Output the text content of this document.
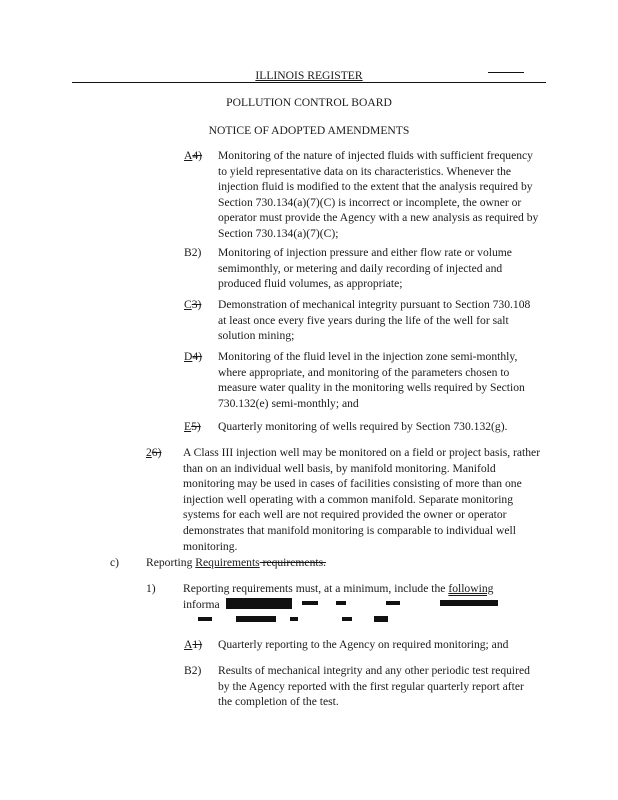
ILLINOIS REGISTER
POLLUTION CONTROL BOARD
NOTICE OF ADOPTED AMENDMENTS
A4) Monitoring of the nature of injected fluids with sufficient frequency
to yield representative data on its characteristics. Whenever the
injection fluid is modified to the extent that the analysis required by
Section 730.134(a)(7)(C) is incorrect or incomplete, the owner or
operator must provide the Agency with a new analysis as required by
Section 730.134(a)(7)(C);
B2) Monitoring of injection pressure and either flow rate or volume
semimonthly, or metering and daily recording of injected and
produced fluid volumes, as appropriate;
C3) Demonstration of mechanical integrity pursuant to Section 730.108
at least once every five years during the life of the well for salt
solution mining;
D4) Monitoring of the fluid level in the injection zone semi-monthly,
where appropriate, and monitoring of the parameters chosen to
measure water quality in the monitoring wells required by Section
730.132(e) semi-monthly; and
E5) Quarterly monitoring of wells required by Section 730.132(g).
26) A Class III injection well may be monitored on a field or project basis, rather
than on an individual well basis, by manifold monitoring. Manifold
monitoring may be used in cases of facilities consisting of more than one
injection well operating with a common manifold. Separate monitoring
systems for each well are not required provided the owner or operator
demonstrates that manifold monitoring is comparable to individual well
monitoring.
c) Reporting Requirements requirements.
1) Reporting requirements must, at a minimum, include the following
informa
A1) Quarterly reporting to the Agency on required monitoring; and
B2) Results of mechanical integrity and any other periodic test required
by the Agency reported with the first regular quarterly report after
the completion of the test.
